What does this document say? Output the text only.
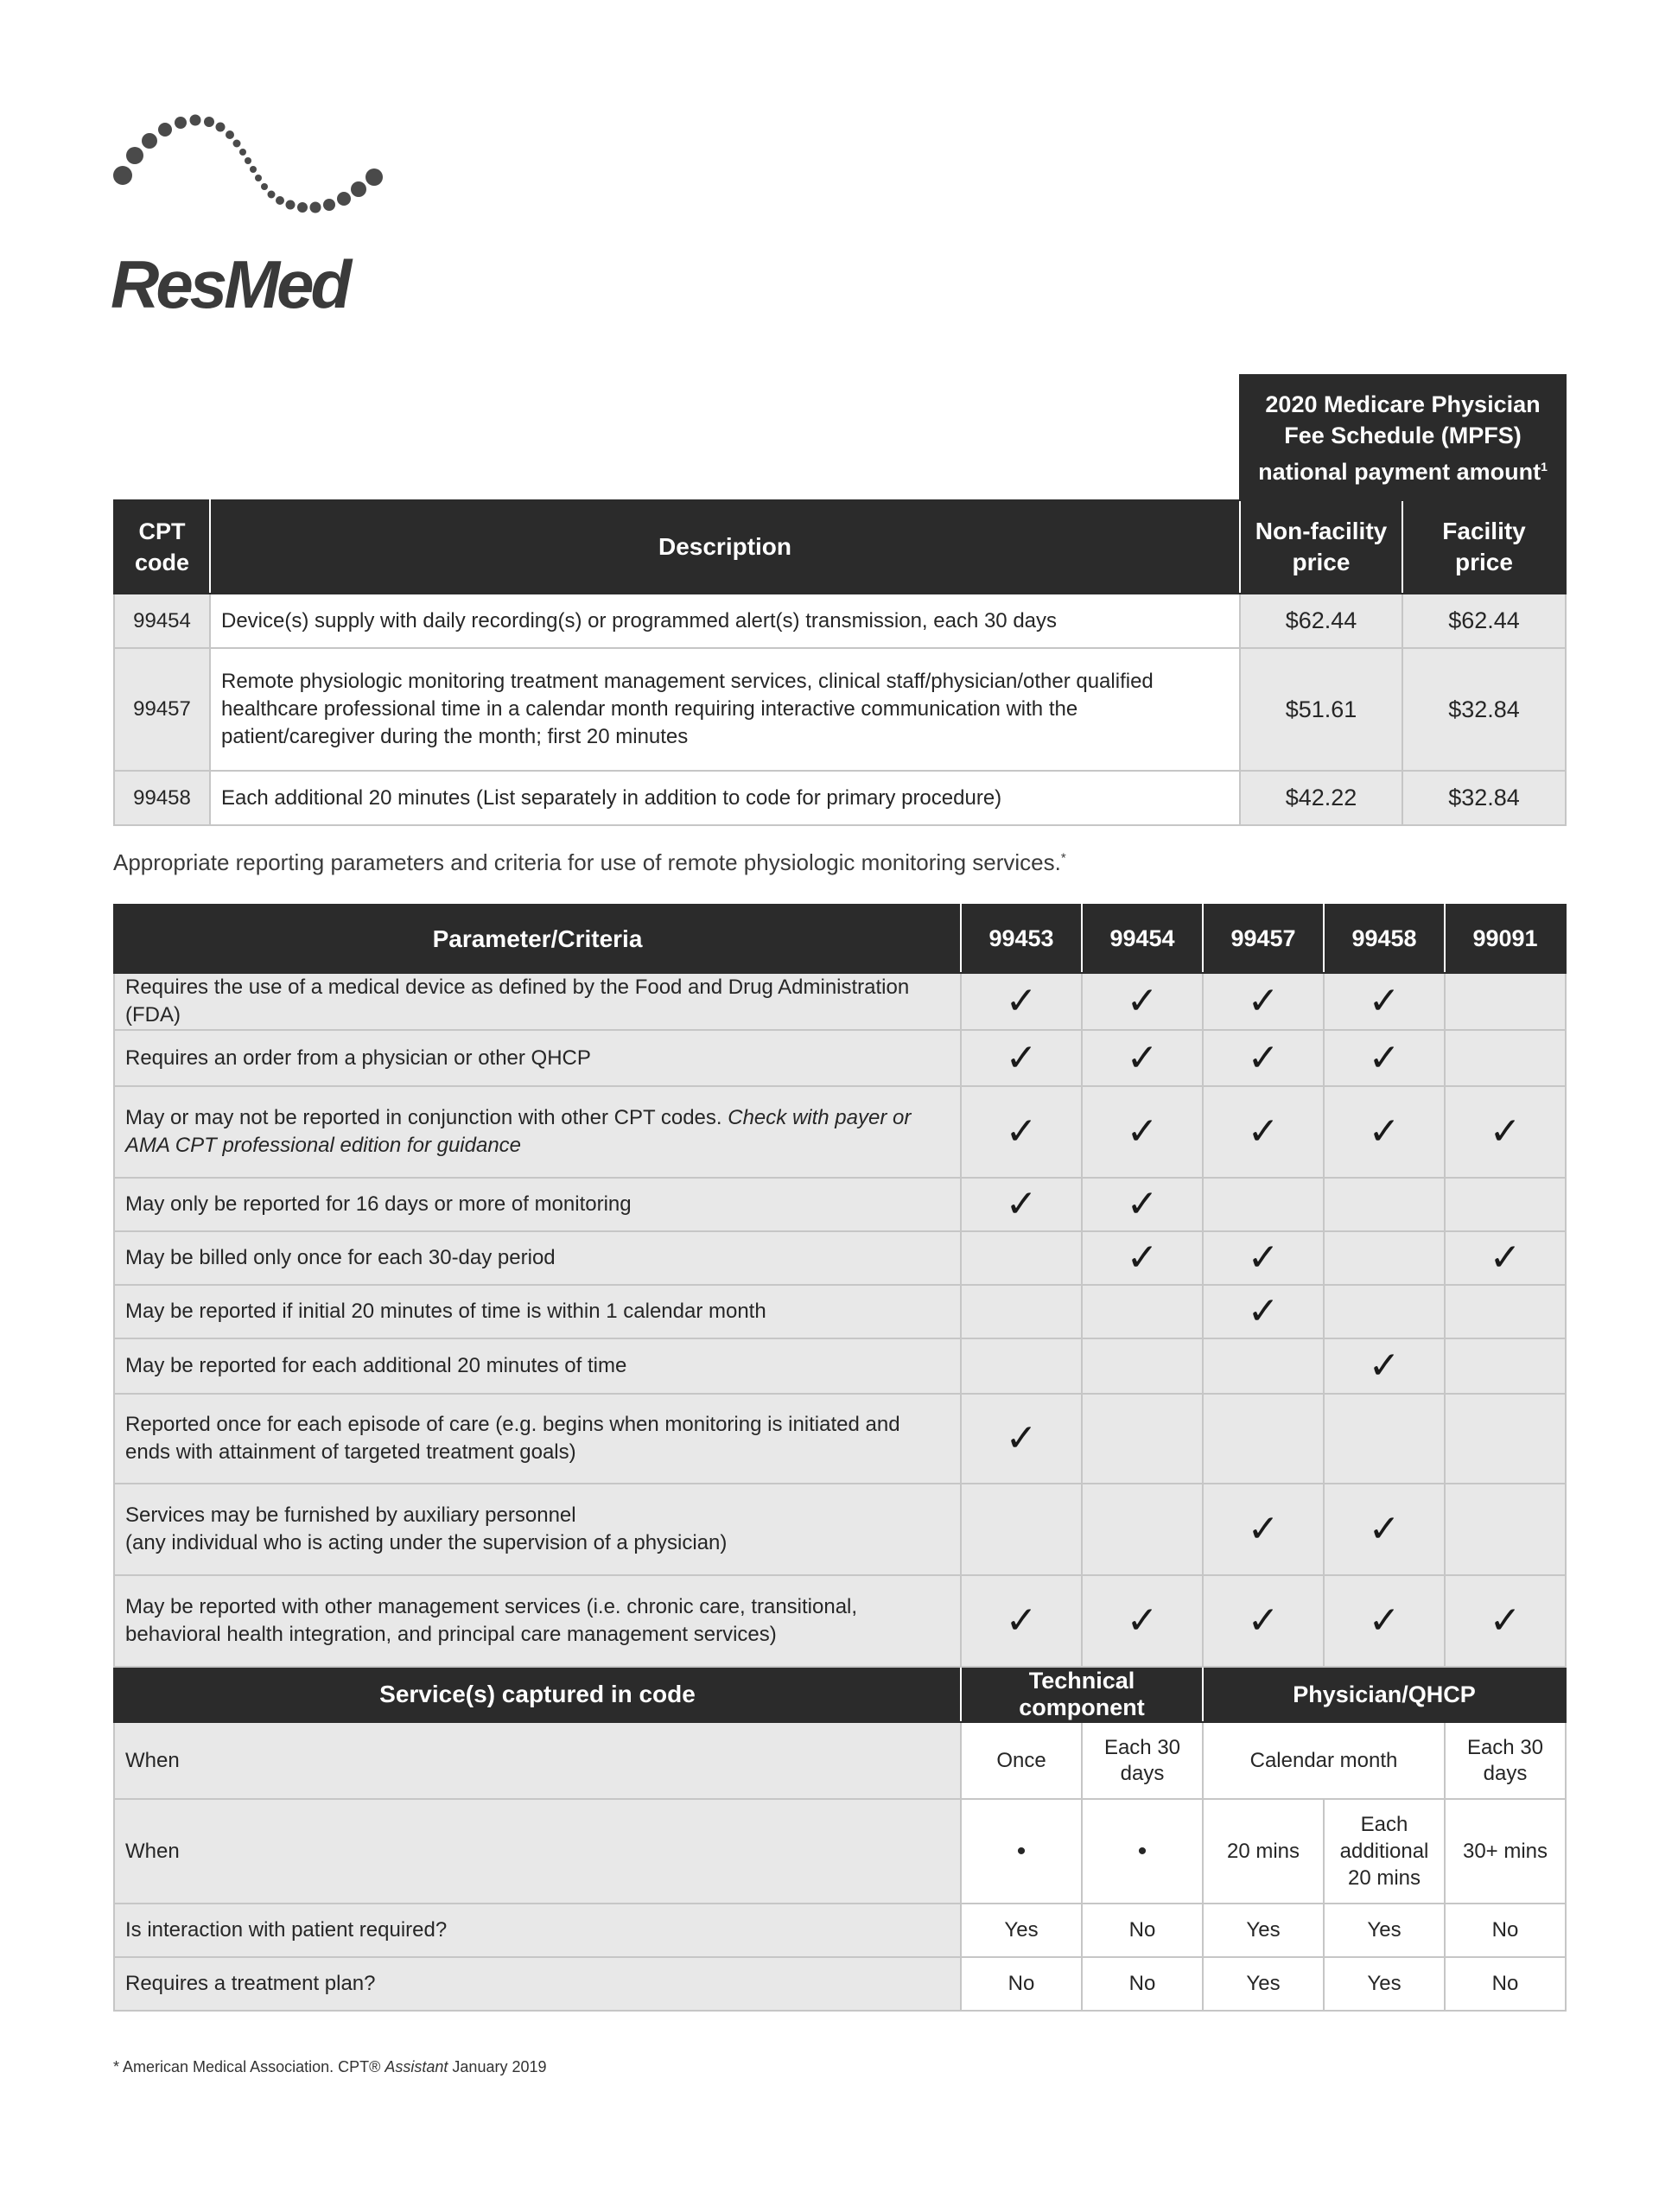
ResMed
		2020 Medicare Physician Fee Schedule (MPFS) national payment amount$^1$
CPT code	Description	Non-facility price	Facility price
99454	Device(s) supply with daily recording(s) or programmed alert(s) transmission, each 30 days	$62.44	$62.44
99457	Remote physiologic monitoring treatment management services, clinical staff/physician/other qualified healthcare professional time in a calendar month requiring interactive communication with the patient/caregiver during the month; first 20 minutes	$51.61	$32.84
99458	Each additional 20 minutes (List separately in addition to code for primary procedure)	$42.22	$32.84
Appropriate reporting parameters and criteria for use of remote physiologic monitoring services.*
Parameter/Criteria	99453	99454	99457	99458	99091
Requires the use of a medical device as defined by the Food and Drug Administration (FDA)	✓	✓	✓	✓	
Requires an order from a physician or other QHCP	✓	✓	✓	✓	
May or may not be reported in conjunction with other CPT codes. Check with payer or AMA CPT professional edition for guidance	✓	✓	✓	✓	✓
May only be reported for 16 days or more of monitoring	✓	✓			
May be billed only once for each 30-day period		✓	✓		✓
May be reported if initial 20 minutes of time is within 1 calendar month			✓		
May be reported for each additional 20 minutes of time				✓	
Reported once for each episode of care (e.g. begins when monitoring is initiated and ends with attainment of targeted treatment goals)	✓				
Services may be furnished by auxiliary personnel
(any individual who is acting under the supervision of a physician)			✓	✓	
May be reported with other management services (i.e. chronic care, transitional, behavioral health integration, and principal care management services)	✓	✓	✓	✓	✓
Service(s) captured in code	Technical component		Physician/QHCP		
When	Once	Each 30 days	Calendar month		Each 30 days
When	•	•	20 mins	Each additional 20 mins	30+ mins
Is interaction with patient required?	Yes	No	Yes	Yes	No
Requires a treatment plan?	No	No	Yes	Yes	No
* American Medical Association. CPT® Assistant January 2019
